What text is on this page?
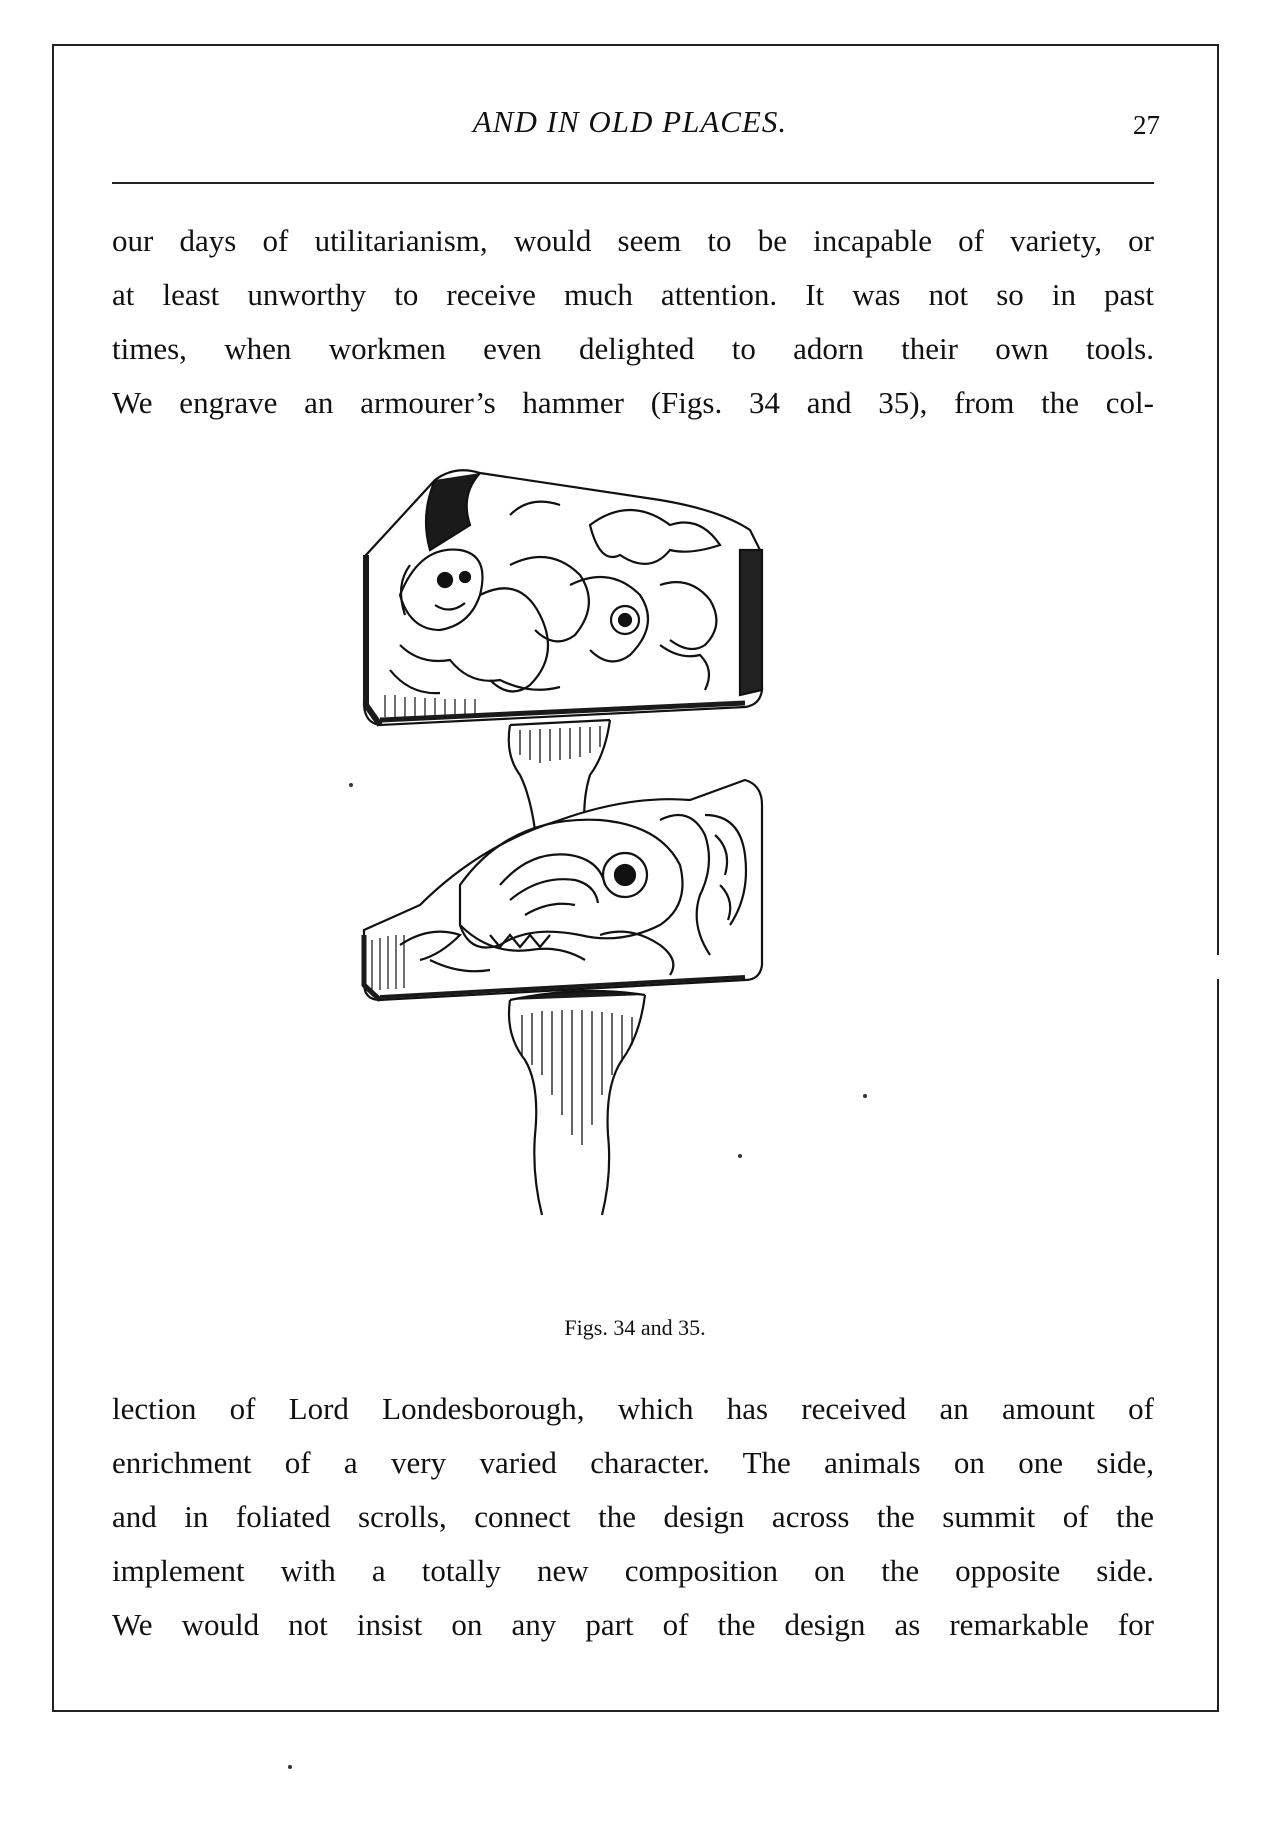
AND IN OLD PLACES.	27

our days of utilitarianism, would seem to be incapable of variety, or
at least unworthy to receive much attention. It was not so in past
times, when workmen even delighted to adorn their own tools.
We engrave an armourer’s hammer (Figs. 34 and 35), from the col-

Figs. 34 and 35.

lection of Lord Londesborough, which has received an amount of
enrichment of a very varied character. The animals on one side,
and in foliated scrolls, connect the design across the summit of the
implement with a totally new composition on the opposite side.
We would not insist on any part of the design as remarkable for
